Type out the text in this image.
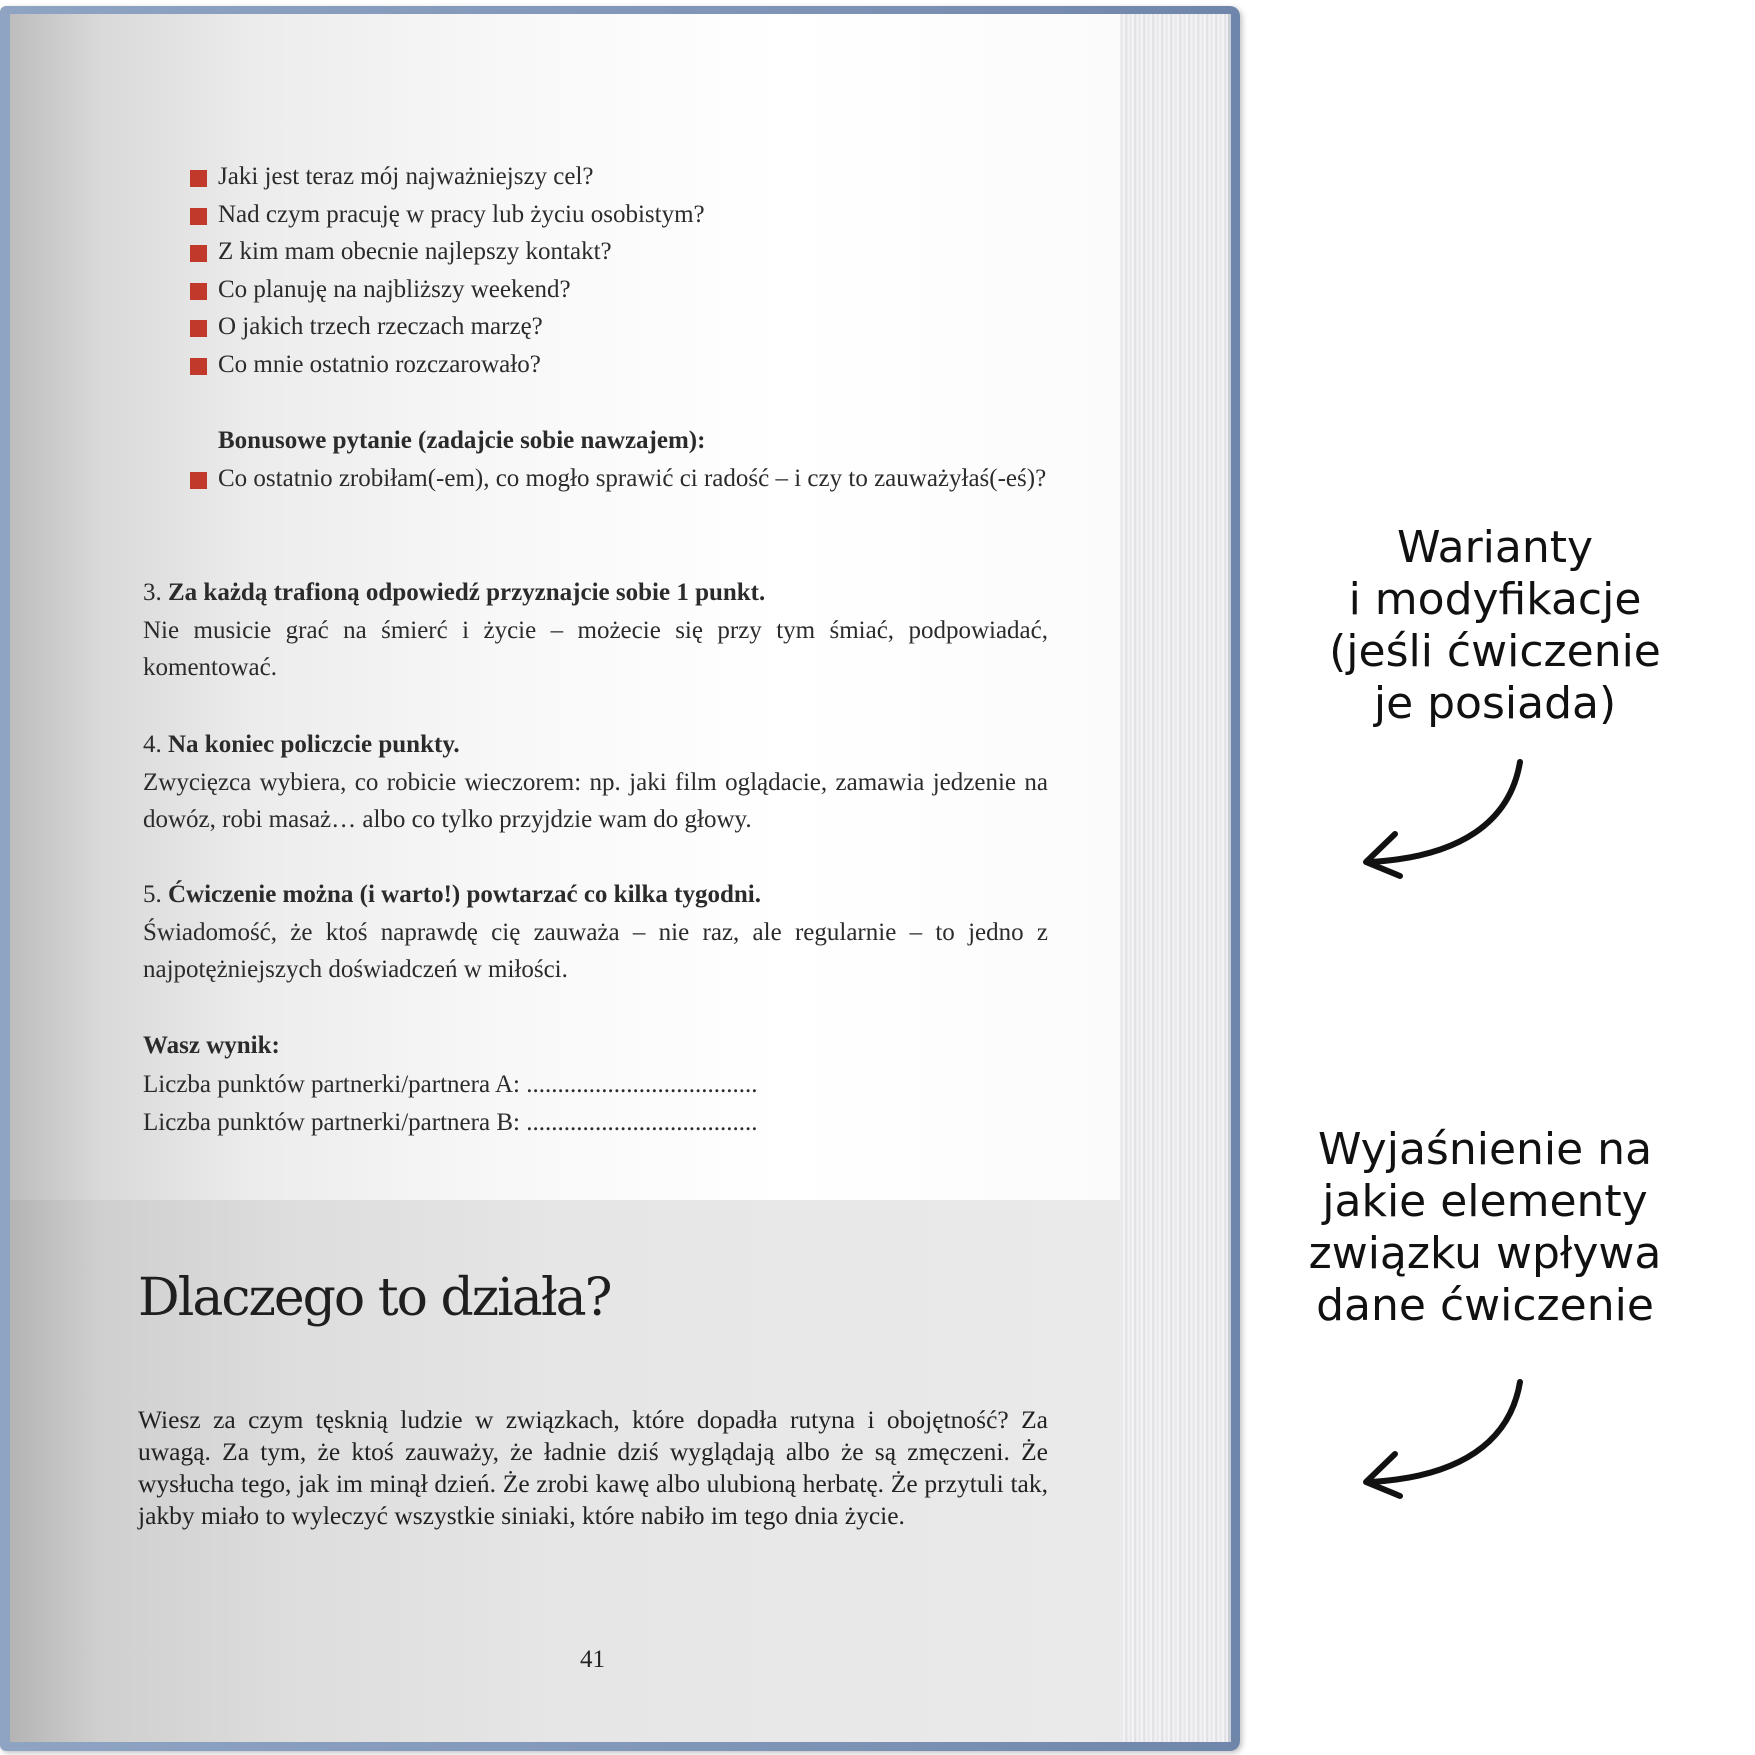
Jaki jest teraz mój najważniejszy cel?
Nad czym pracuję w pracy lub życiu osobistym?
Z kim mam obecnie najlepszy kontakt?
Co planuję na najbliższy weekend?
O jakich trzech rzeczach marzę?
Co mnie ostatnio rozczarowało?
Bonusowe pytanie (zadajcie sobie nawzajem):
Co ostatnio zrobiłam(-em), co mogło sprawić ci radość – i czy to zauważyłaś(-eś)?
3. Za każdą trafioną odpowiedź przyznajcie sobie 1 punkt.
Nie musicie grać na śmierć i życie – możecie się przy tym śmiać, podpowiadać, komentować.
4. Na koniec policzcie punkty.
Zwycięzca wybiera, co robicie wieczorem: np. jaki film oglądacie, zamawia jedzenie na dowóz, robi masaż… albo co tylko przyjdzie wam do głowy.
5. Ćwiczenie można (i warto!) powtarzać co kilka tygodni.
Świadomość, że ktoś naprawdę cię zauważa – nie raz, ale regularnie – to jedno z najpotężniejszych doświadczeń w miłości.
Wasz wynik:
Liczba punktów partnerki/partnera A: .....................................
Liczba punktów partnerki/partnera B: .....................................
Dlaczego to działa?
Wiesz za czym tęsknią ludzie w związkach, które dopadła rutyna i obojętność? Za uwagą. Za tym, że ktoś zauważy, że ładnie dziś wyglądają albo że są zmęczeni. Że wysłucha tego, jak im minął dzień. Że zrobi kawę albo ulubioną herbatę. Że przytuli tak, jakby miało to wyleczyć wszystkie siniaki, które nabiło im tego dnia życie.
41
Warianty
i modyfikacje
(jeśli ćwiczenie
je posiada)
Wyjaśnienie na
jakie elementy
związku wpływa
dane ćwiczenie
